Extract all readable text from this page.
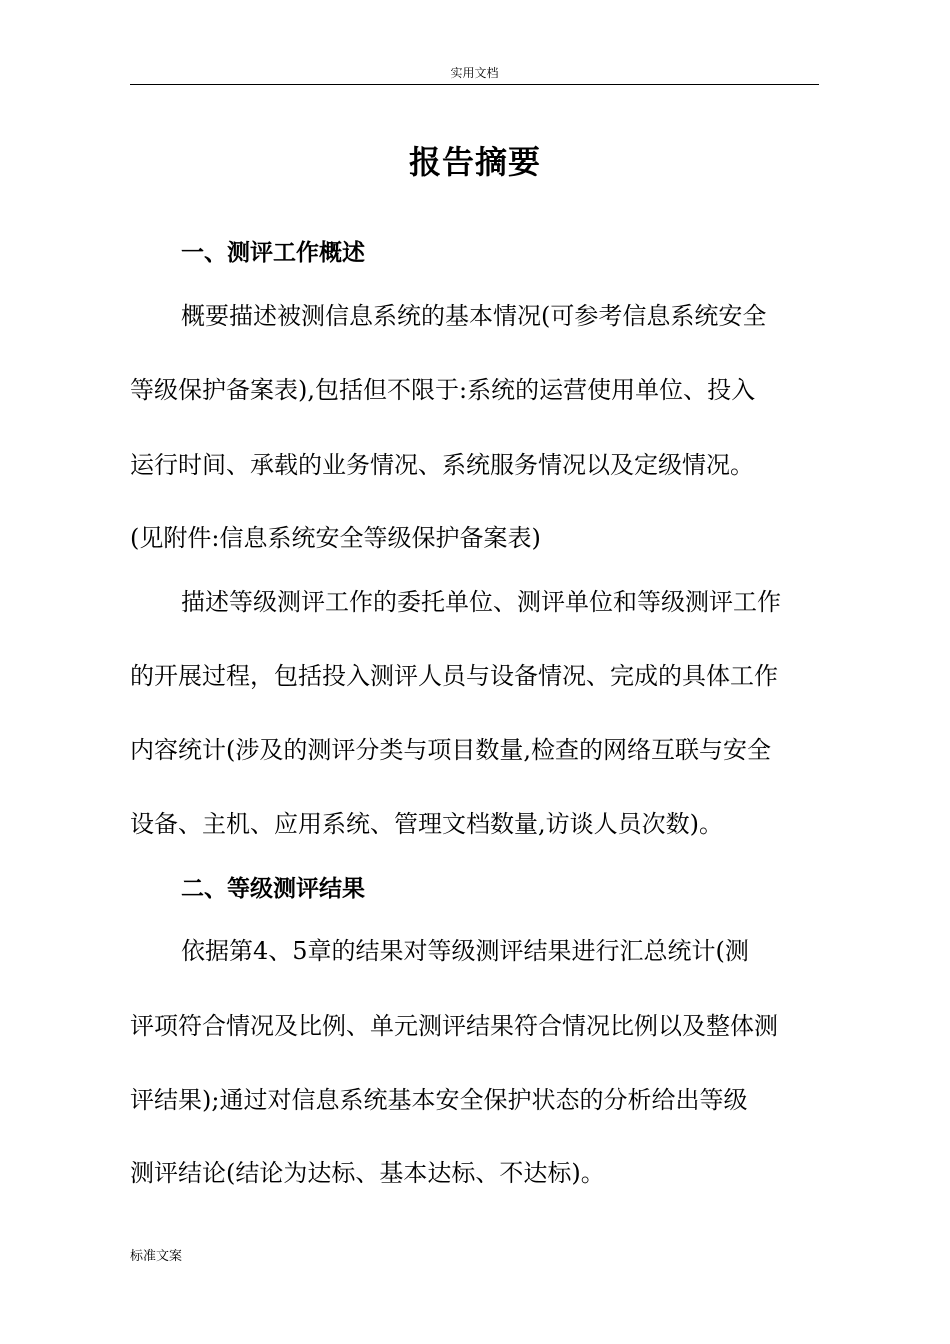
实用文档
报告摘要
一、测评工作概述
概要描述被测信息系统的基本情况(可参考信息系统安全
等级保护备案表),包括但不限于:系统的运营使用单位、投入
运行时间、承载的业务情况、系统服务情况以及定级情况。
(见附件:信息系统安全等级保护备案表)
描述等级测评工作的委托单位、测评单位和等级测评工作
的开展过程，包括投入测评人员与设备情况、完成的具体工作
内容统计(涉及的测评分类与项目数量,检查的网络互联与安全
设备、主机、应用系统、管理文档数量,访谈人员次数)。
二、等级测评结果
依据第4、5章的结果对等级测评结果进行汇总统计(测
评项符合情况及比例、单元测评结果符合情况比例以及整体测
评结果);通过对信息系统基本安全保护状态的分析给出等级
测评结论(结论为达标、基本达标、不达标)。
标准文案
